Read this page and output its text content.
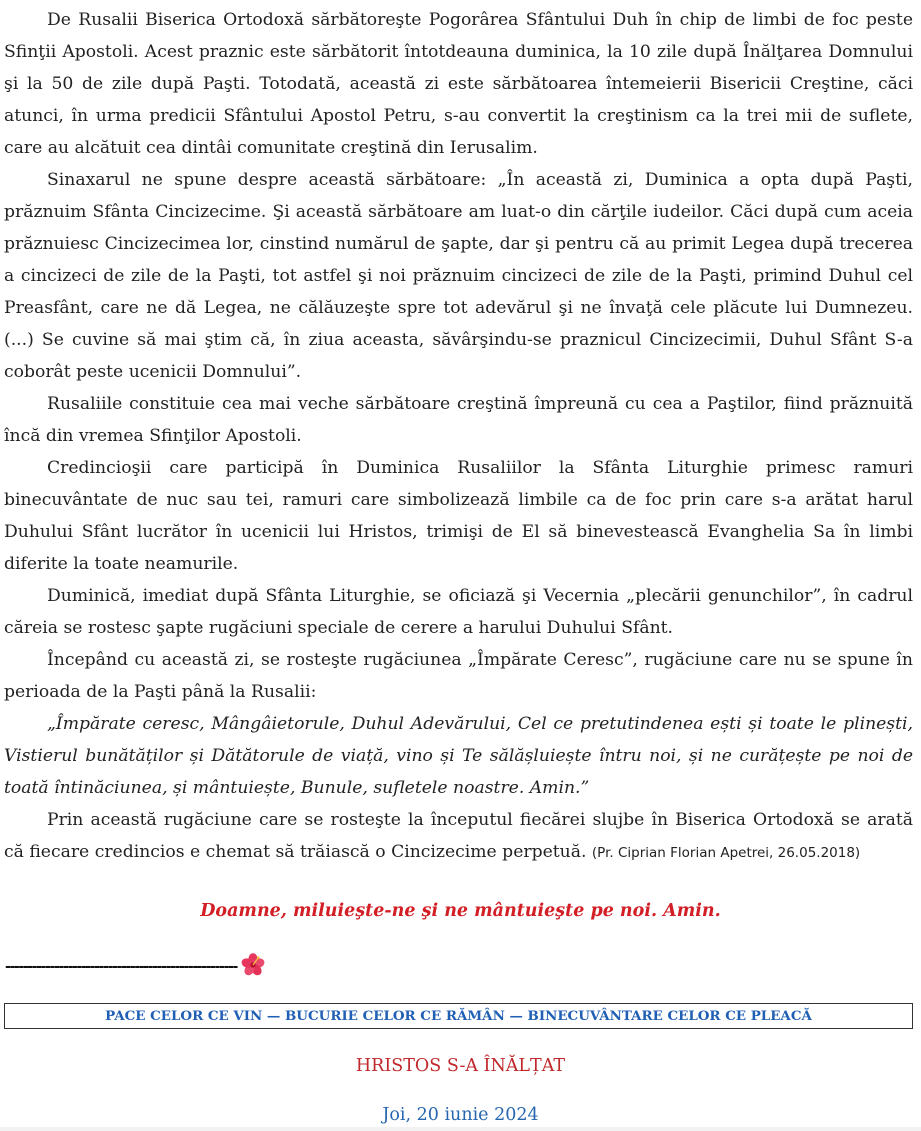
De Rusalii Biserica Ortodoxă sărbătoreşte Pogorârea Sfântului Duh în chip de limbi de foc peste Sfinţii Apostoli. Acest praznic este sărbătorit întotdeauna duminica, la 10 zile după Înălţarea Domnului şi la 50 de zile după Paşti. Totodată, această zi este sărbătoarea întemeierii Bisericii Creştine, căci atunci, în urma predicii Sfântului Apostol Petru, s-au convertit la creştinism ca la trei mii de suflete, care au alcătuit cea dintâi comunitate creştină din Ierusalim.

Sinaxarul ne spune despre această sărbătoare: „În această zi, Duminica a opta după Paşti, prăznuim Sfânta Cincizecime. Şi această sărbătoare am luat-o din cărţile iudeilor. Căci după cum aceia prăznuiesc Cincizecimea lor, cinstind numărul de şapte, dar şi pentru că au primit Legea după trecerea a cincizeci de zile de la Paşti, tot astfel şi noi prăznuim cincizeci de zile de la Paşti, primind Duhul cel Preasfânt, care ne dă Legea, ne călăuzeşte spre tot adevărul şi ne învaţă cele plăcute lui Dumnezeu. (...) Se cuvine să mai ştim că, în ziua aceasta, săvârşindu-se praznicul Cincizecimii, Duhul Sfânt S-a coborât peste ucenicii Domnului”.

Rusaliile constituie cea mai veche sărbătoare creştină împreună cu cea a Paştilor, fiind prăznuită încă din vremea Sfinţilor Apostoli.

Credincioşii care participă în Duminica Rusaliilor la Sfânta Liturghie primesc ramuri binecuvântate de nuc sau tei, ramuri care simbolizează limbile ca de foc prin care s-a arătat harul Duhului Sfânt lucrător în ucenicii lui Hristos, trimişi de El să binevestească Evanghelia Sa în limbi diferite la toate neamurile.

Duminică, imediat după Sfânta Liturghie, se oficiază şi Vecernia „plecării genunchilor”, în cadrul căreia se rostesc şapte rugăciuni speciale de cerere a harului Duhului Sfânt.

Începând cu această zi, se rosteşte rugăciunea „Împărate Ceresc”, rugăciune care nu se spune în perioada de la Paşti până la Rusalii:

„Împărate ceresc, Mângâietorule, Duhul Adevărului, Cel ce pretutindenea ești și toate le plinești, Vistierul bunătăților și Dătătorule de viață, vino și Te sălășluiește întru noi, și ne curățește pe noi de toată întinăciunea, și mântuiește, Bunule, sufletele noastre. Amin.”

Prin această rugăciune care se rosteşte la începutul fiecărei slujbe în Biserica Ortodoxă se arată că fiecare credincios e chemat să trăiască o Cincizecime perpetuă. (Pr. Ciprian Florian Apetrei, 26.05.2018)

Doamne, miluieşte-ne şi ne mântuieşte pe noi. Amin.
----------------------------------------------------
PACE CELOR CE VIN — BUCURIE CELOR CE RĂMÂN — BINECUVÂNTARE CELOR CE PLEACĂ
HRISTOS S-A ÎNĂLȚAT
Joi, 20 iunie 2024
